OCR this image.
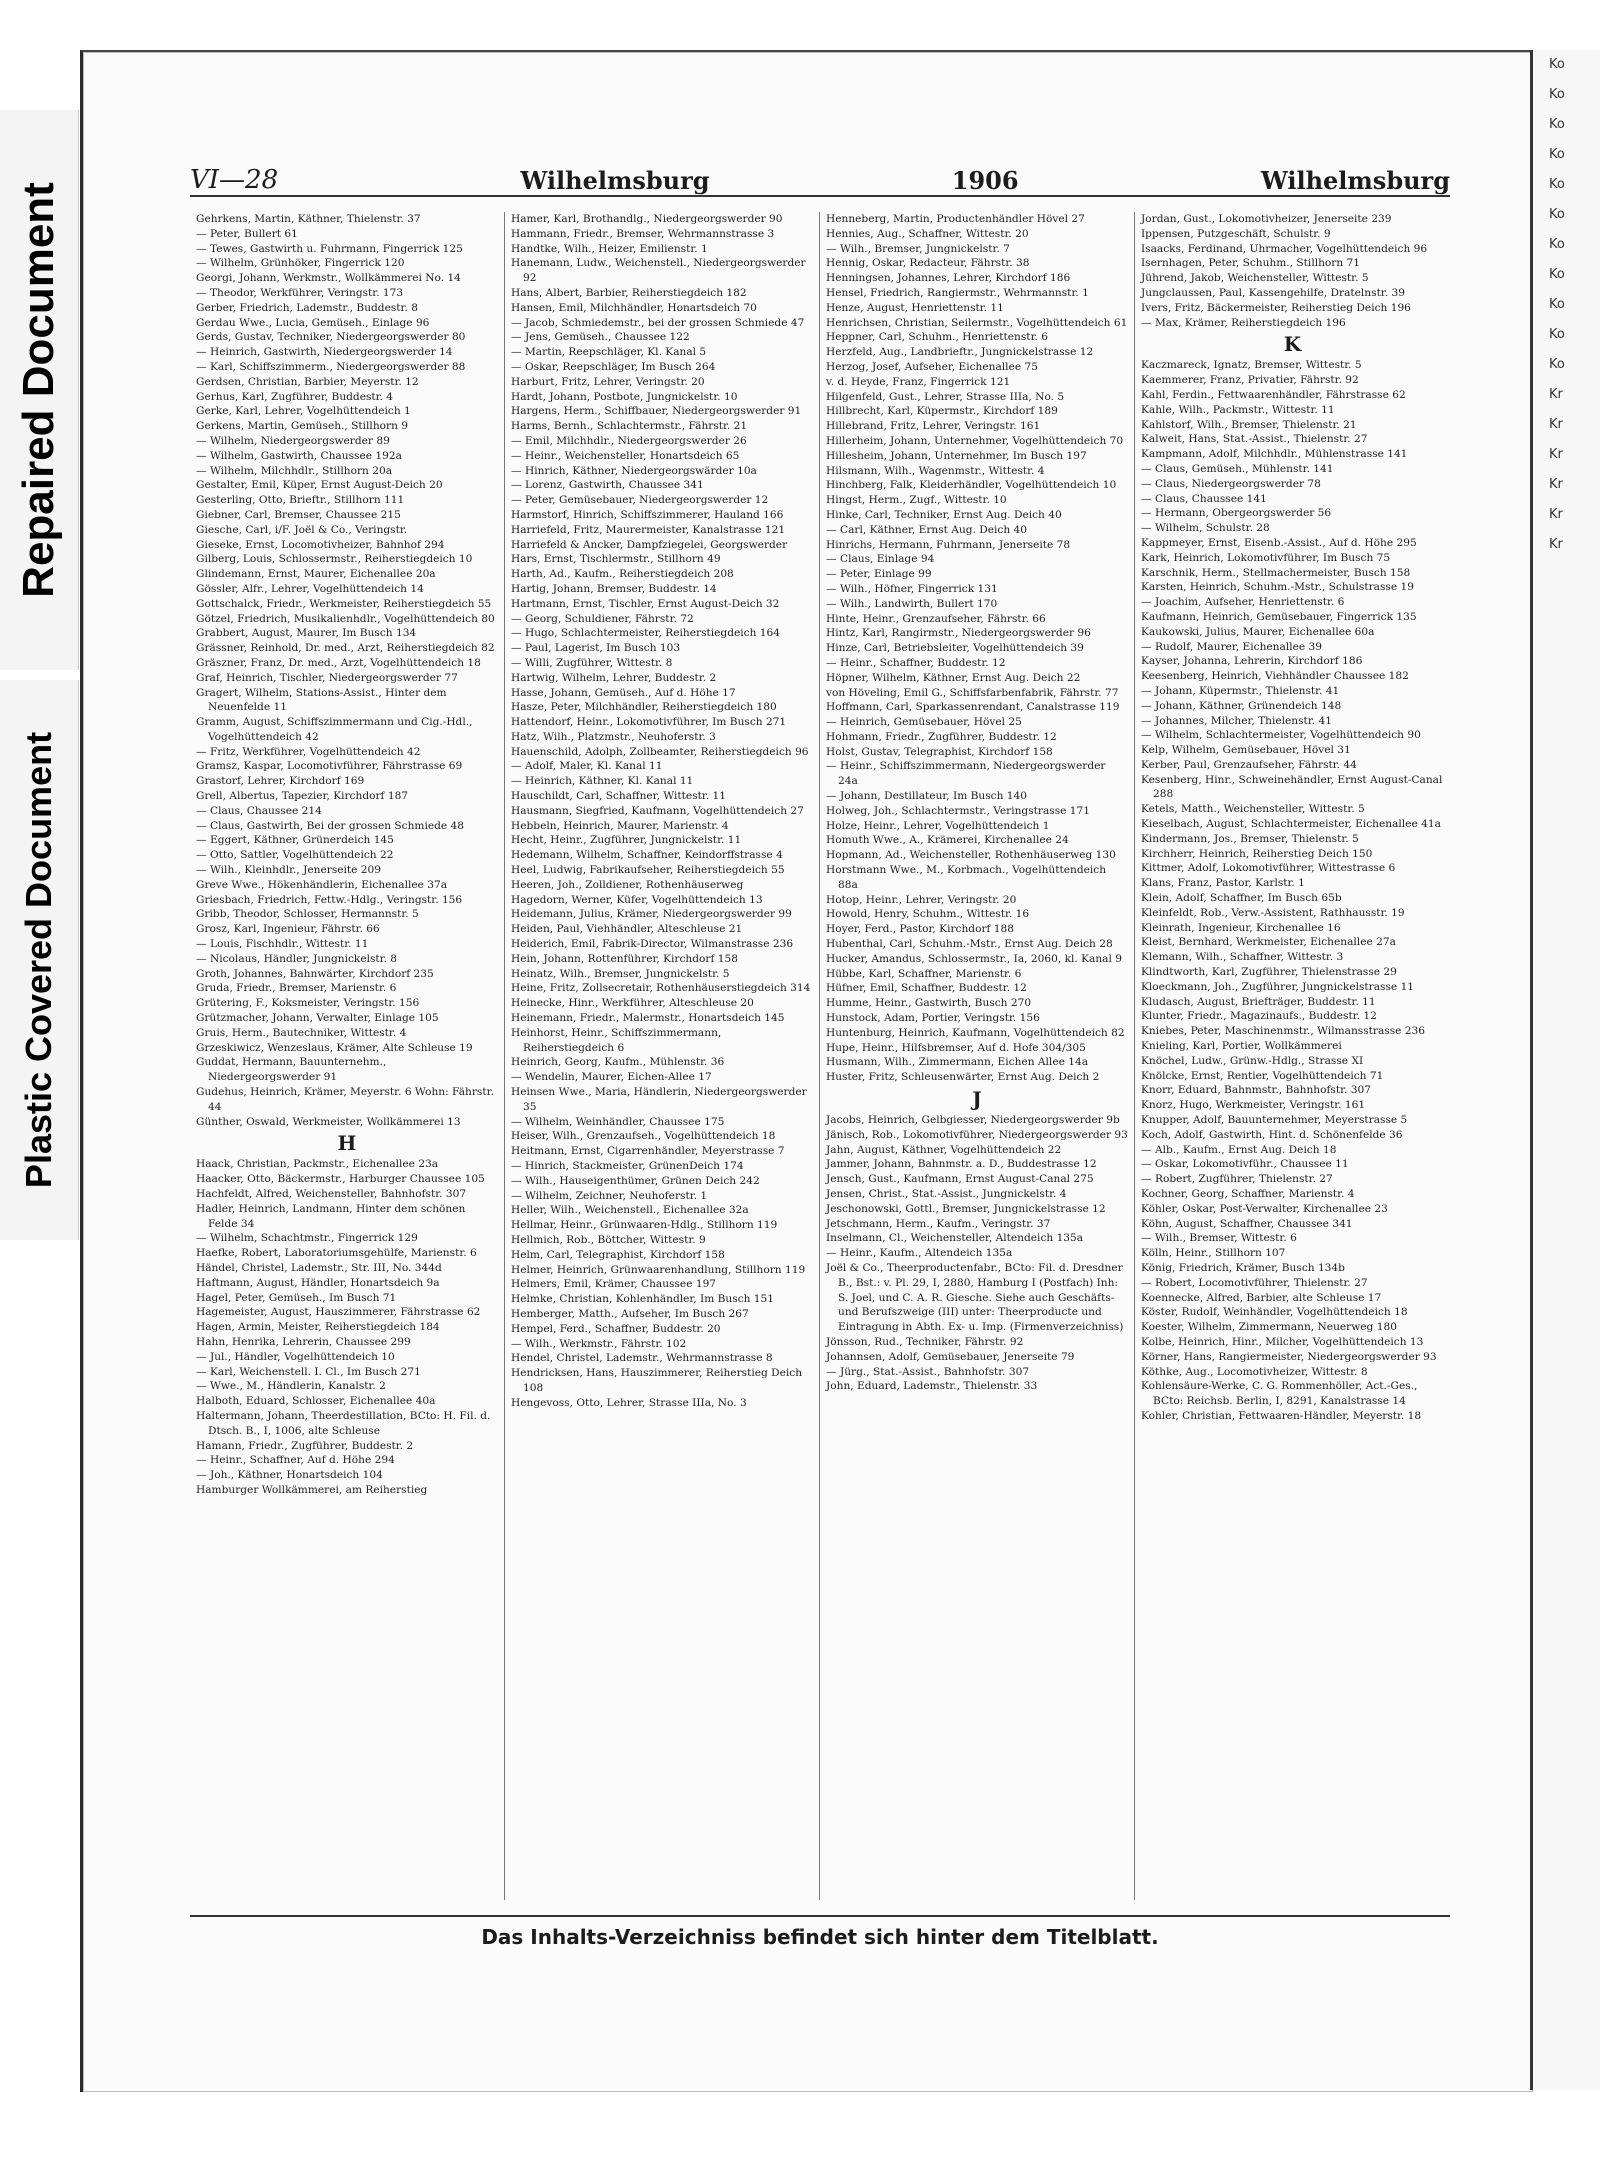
Repaired Document
Plastic Covered Document
Ko
Ko
Ko
Ko
Ko
Ko
Ko
Ko
Ko
Ko
Ko
Kr
Kr
Kr
Kr
Kr
Kr
VI—28	Wilhelmsburg	1906	Wilhelmsburg
Gehrkens, Martin, Käthner, Thielenstr. 37
— Peter, Bullert 61
— Tewes, Gastwirth u. Fuhrmann, Fingerrick 125
— Wilhelm, Grünhöker, Fingerrick 120
Georgi, Johann, Werkmstr., Wollkämmerei No. 14
— Theodor, Werkführer, Veringstr. 173
Gerber, Friedrich, Lademstr., Buddestr. 8
Gerdau Wwe., Lucia, Gemüseh., Einlage 96
Gerds, Gustav, Techniker, Niedergeorgswerder 80
— Heinrich, Gastwirth, Niedergeorgswerder 14
— Karl, Schiffszimmerm., Niedergeorgswerder 88
Gerdsen, Christian, Barbier, Meyerstr. 12
Gerhus, Karl, Zugführer, Buddestr. 4
Gerke, Karl, Lehrer, Vogelhüttendeich 1
Gerkens, Martin, Gemüseh., Stillhorn 9
— Wilhelm, Niedergeorgswerder 89
— Wilhelm, Gastwirth, Chaussee 192a
— Wilhelm, Milchhdlr., Stillhorn 20a
Gestalter, Emil, Küper, Ernst August-Deich 20
Gesterling, Otto, Brieftr., Stillhorn 111
Giebner, Carl, Bremser, Chaussee 215
Giesche, Carl, i/F. Joël & Co., Veringstr.
Gieseke, Ernst, Locomotivheizer, Bahnhof 294
Gilberg, Louis, Schlossermstr., Reiherstiegdeich 10
Glindemann, Ernst, Maurer, Eichenallee 20a
Gössler, Alfr., Lehrer, Vogelhüttendeich 14
Gottschalck, Friedr., Werkmeister, Reiherstiegdeich 55
Götzel, Friedrich, Musikalienhdlr., Vogelhüttendeich 80
Grabbert, August, Maurer, Im Busch 134
Grässner, Reinhold, Dr. med., Arzt, Reiherstiegdeich 82
Gräszner, Franz, Dr. med., Arzt, Vogelhüttendeich 18
Graf, Heinrich, Tischler, Niedergeorgswerder 77
Gragert, Wilhelm, Stations-Assist., Hinter dem Neuenfelde 11
Gramm, August, Schiffszimmermann und Cig.-Hdl., Vogelhüttendeich 42
— Fritz, Werkführer, Vogelhüttendeich 42
Gramsz, Kaspar, Locomotivführer, Fährstrasse 69
Grastorf, Lehrer, Kirchdorf 169
Grell, Albertus, Tapezier, Kirchdorf 187
— Claus, Chaussee 214
— Claus, Gastwirth, Bei der grossen Schmiede 48
— Eggert, Käthner, Grünerdeich 145
— Otto, Sattler, Vogelhüttendeich 22
— Wilh., Kleinhdlr., Jenerseite 209
Greve Wwe., Hökenhändlerin, Eichenallee 37a
Griesbach, Friedrich, Fettw.-Hdlg., Veringstr. 156
Gribb, Theodor, Schlosser, Hermannstr. 5
Grosz, Karl, Ingenieur, Fährstr. 66
— Louis, Fischhdlr., Wittestr. 11
— Nicolaus, Händler, Jungnickelstr. 8
Groth, Johannes, Bahnwärter, Kirchdorf 235
Gruda, Friedr., Bremser, Marienstr. 6
Grütering, F., Koksmeister, Veringstr. 156
Grützmacher, Johann, Verwalter, Einlage 105
Gruis, Herm., Bautechniker, Wittestr. 4
Grzeskiwicz, Wenzeslaus, Krämer, Alte Schleuse 19
Guddat, Hermann, Bauunternehm., Niedergeorgswerder 91
Gudehus, Heinrich, Krämer, Meyerstr. 6 Wohn: Fährstr. 44
Günther, Oswald, Werkmeister, Wollkämmerei 13
H
Haack, Christian, Packmstr., Eichenallee 23a
Haacker, Otto, Bäckermstr., Harburger Chaussee 105
Hachfeldt, Alfred, Weichensteller, Bahnhofstr. 307
Hadler, Heinrich, Landmann, Hinter dem schönen Felde 34
— Wilhelm, Schachtmstr., Fingerrick 129
Haefke, Robert, Laboratoriumsgehülfe, Marienstr. 6
Händel, Christel, Lademstr., Str. III, No. 344d
Haftmann, August, Händler, Honartsdeich 9a
Hagel, Peter, Gemüseh., Im Busch 71
Hagemeister, August, Hauszimmerer, Fährstrasse 62
Hagen, Armin, Meister, Reiherstiegdeich 184
Hahn, Henrika, Lehrerin, Chaussee 299
— Jul., Händler, Vogelhüttendeich 10
— Karl, Weichenstell. I. Cl., Im Busch 271
— Wwe., M., Händlerin, Kanalstr. 2
Halboth, Eduard, Schlosser, Eichenallee 40a
Haltermann, Johann, Theerdestillation, BCto: H. Fil. d. Dtsch. B., I, 1006, alte Schleuse
Hamann, Friedr., Zugführer, Buddestr. 2
— Heinr., Schaffner, Auf d. Höhe 294
— Joh., Käthner, Honartsdeich 104
Hamburger Wollkämmerei, am Reiherstieg
Hamer, Karl, Brothandlg., Niedergeorgswerder 90
Hammann, Friedr., Bremser, Wehrmannstrasse 3
Handtke, Wilh., Heizer, Emilienstr. 1
Hanemann, Ludw., Weichenstell., Niedergeorgswerder 92
Hans, Albert, Barbier, Reiherstiegdeich 182
Hansen, Emil, Milchhändler, Honartsdeich 70
— Jacob, Schmiedemstr., bei der grossen Schmiede 47
— Jens, Gemüseh., Chaussee 122
— Martin, Reepschläger, Kl. Kanal 5
— Oskar, Reepschläger, Im Busch 264
Harburt, Fritz, Lehrer, Veringstr. 20
Hardt, Johann, Postbote, Jungnickelstr. 10
Hargens, Herm., Schiffbauer, Niedergeorgswerder 91
Harms, Bernh., Schlachtermstr., Fährstr. 21
— Emil, Milchhdlr., Niedergeorgswerder 26
— Heinr., Weichensteller, Honartsdeich 65
— Hinrich, Käthner, Niedergeorgswärder 10a
— Lorenz, Gastwirth, Chaussee 341
— Peter, Gemüsebauer, Niedergeorgswerder 12
Harmstorf, Hinrich, Schiffszimmerer, Hauland 166
Harriefeld, Fritz, Maurermeister, Kanalstrasse 121
Harriefeld & Ancker, Dampfziegelei, Georgswerder
Hars, Ernst, Tischlermstr., Stillhorn 49
Harth, Ad., Kaufm., Reiherstiegdeich 208
Hartig, Johann, Bremser, Buddestr. 14
Hartmann, Ernst, Tischler, Ernst August-Deich 32
— Georg, Schuldiener, Fährstr. 72
— Hugo, Schlachtermeister, Reiherstiegdeich 164
— Paul, Lagerist, Im Busch 103
— Willi, Zugführer, Wittestr. 8
Hartwig, Wilhelm, Lehrer, Buddestr. 2
Hasse, Johann, Gemüseh., Auf d. Höhe 17
Hasze, Peter, Milchhändler, Reiherstiegdeich 180
Hattendorf, Heinr., Lokomotivführer, Im Busch 271
Hatz, Wilh., Platzmstr., Neuhoferstr. 3
Hauenschild, Adolph, Zollbeamter, Reiherstiegdeich 96
— Adolf, Maler, Kl. Kanal 11
— Heinrich, Käthner, Kl. Kanal 11
Hauschildt, Carl, Schaffner, Wittestr. 11
Hausmann, Siegfried, Kaufmann, Vogelhüttendeich 27
Hebbeln, Heinrich, Maurer, Marienstr. 4
Hecht, Heinr., Zugführer, Jungnickelstr. 11
Hedemann, Wilhelm, Schaffner, Keindorffstrasse 4
Heel, Ludwig, Fabrikaufseher, Reiherstiegdeich 55
Heeren, Joh., Zolldiener, Rothenhäuserweg
Hagedorn, Werner, Küfer, Vogelhüttendeich 13
Heidemann, Julius, Krämer, Niedergeorgswerder 99
Heiden, Paul, Viehhändler, Alteschleuse 21
Heiderich, Emil, Fabrik-Director, Wilmanstrasse 236
Hein, Johann, Rottenführer, Kirchdorf 158
Heinatz, Wilh., Bremser, Jungnickelstr. 5
Heine, Fritz, Zollsecretair, Rothenhäuserstiegdeich 314
Heinecke, Hinr., Werkführer, Alteschleuse 20
Heinemann, Friedr., Malermstr., Honartsdeich 145
Heinhorst, Heinr., Schiffszimmermann, Reiherstiegdeich 6
Heinrich, Georg, Kaufm., Mühlenstr. 36
— Wendelin, Maurer, Eichen-Allee 17
Heinsen Wwe., Maria, Händlerin, Niedergeorgswerder 35
— Wilhelm, Weinhändler, Chaussee 175
Heiser, Wilh., Grenzaufseh., Vogelhüttendeich 18
Heitmann, Ernst, Cigarrenhändler, Meyerstrasse 7
— Hinrich, Stackmeister, GrünenDeich 174
— Wilh., Hauseigenthümer, Grünen Deich 242
— Wilhelm, Zeichner, Neuhoferstr. 1
Heller, Wilh., Weichenstell., Eichenallee 32a
Hellmar, Heinr., Grünwaaren-Hdlg., Stillhorn 119
Hellmich, Rob., Böttcher, Wittestr. 9
Helm, Carl, Telegraphist, Kirchdorf 158
Helmer, Heinrich, Grünwaarenhandlung, Stillhorn 119
Helmers, Emil, Krämer, Chaussee 197
Helmke, Christian, Kohlenhändler, Im Busch 151
Hemberger, Matth., Aufseher, Im Busch 267
Hempel, Ferd., Schaffner, Buddestr. 20
— Wilh., Werkmstr., Fährstr. 102
Hendel, Christel, Lademstr., Wehrmannstrasse 8
Hendricksen, Hans, Hauszimmerer, Reiherstieg Deich 108
Hengevoss, Otto, Lehrer, Strasse IIIa, No. 3
Henneberg, Martin, Productenhändler Hövel 27
Hennies, Aug., Schaffner, Wittestr. 20
— Wilh., Bremser, Jungnickelstr. 7
Hennig, Oskar, Redacteur, Fährstr. 38
Henningsen, Johannes, Lehrer, Kirchdorf 186
Hensel, Friedrich, Rangiermstr., Wehrmannstr. 1
Henze, August, Henriettenstr. 11
Henrichsen, Christian, Seilermstr., Vogelhüttendeich 61
Heppner, Carl, Schuhm., Henriettenstr. 6
Herzfeld, Aug., Landbrieftr., Jungnickelstrasse 12
Herzog, Josef, Aufseher, Eichenallee 75
v. d. Heyde, Franz, Fingerrick 121
Hilgenfeld, Gust., Lehrer, Strasse IIIa, No. 5
Hillbrecht, Karl, Küpermstr., Kirchdorf 189
Hillebrand, Fritz, Lehrer, Veringstr. 161
Hillerheim, Johann, Unternehmer, Vogelhüttendeich 70
Hillesheim, Johann, Unternehmer, Im Busch 197
Hilsmann, Wilh., Wagenmstr., Wittestr. 4
Hinchberg, Falk, Kleiderhändler, Vogelhüttendeich 10
Hingst, Herm., Zugf., Wittestr. 10
Hinke, Carl, Techniker, Ernst Aug. Deich 40
— Carl, Käthner, Ernst Aug. Deich 40
Hinrichs, Hermann, Fuhrmann, Jenerseite 78
— Claus, Einlage 94
— Peter, Einlage 99
— Wilh., Höfner, Fingerrick 131
— Wilh., Landwirth, Bullert 170
Hinte, Heinr., Grenzaufseher, Fährstr. 66
Hintz, Karl, Rangirmstr., Niedergeorgswerder 96
Hinze, Carl, Betriebsleiter, Vogelhüttendeich 39
— Heinr., Schaffner, Buddestr. 12
Höpner, Wilhelm, Käthner, Ernst Aug. Deich 22
von Höveling, Emil G., Schiffsfarbenfabrik, Fährstr. 77
Hoffmann, Carl, Sparkassenrendant, Canalstrasse 119
— Heinrich, Gemüsebauer, Hövel 25
Hohmann, Friedr., Zugführer, Buddestr. 12
Holst, Gustav, Telegraphist, Kirchdorf 158
— Heinr., Schiffszimmermann, Niedergeorgswerder 24a
— Johann, Destillateur, Im Busch 140
Holweg, Joh., Schlachtermstr., Veringstrasse 171
Holze, Heinr., Lehrer, Vogelhüttendeich 1
Homuth Wwe., A., Krämerei, Kirchenallee 24
Hopmann, Ad., Weichensteller, Rothenhäuserweg 130
Horstmann Wwe., M., Korbmach., Vogelhüttendeich 88a
Hotop, Heinr., Lehrer, Veringstr. 20
Howold, Henry, Schuhm., Wittestr. 16
Hoyer, Ferd., Pastor, Kirchdorf 188
Hubenthal, Carl, Schuhm.-Mstr., Ernst Aug. Deich 28
Hucker, Amandus, Schlossermstr., Ia, 2060, kl. Kanal 9
Hübbe, Karl, Schaffner, Marienstr. 6
Hüfner, Emil, Schaffner, Buddestr. 12
Humme, Heinr., Gastwirth, Busch 270
Hunstock, Adam, Portier, Veringstr. 156
Huntenburg, Heinrich, Kaufmann, Vogelhüttendeich 82
Hupe, Heinr., Hilfsbremser, Auf d. Hofe 304/305
Husmann, Wilh., Zimmermann, Eichen Allee 14a
Huster, Fritz, Schleusenwärter, Ernst Aug. Deich 2
J
Jacobs, Heinrich, Gelbgiesser, Niedergeorgswerder 9b
Jänisch, Rob., Lokomotivführer, Niedergeorgswerder 93
Jahn, August, Käthner, Vogelhüttendeich 22
Jammer, Johann, Bahnmstr. a. D., Buddestrasse 12
Jensch, Gust., Kaufmann, Ernst August-Canal 275
Jensen, Christ., Stat.-Assist., Jungnickelstr. 4
Jeschonowski, Gottl., Bremser, Jungnickelstrasse 12
Jetschmann, Herm., Kaufm., Veringstr. 37
Inselmann, Cl., Weichensteller, Altendeich 135a
— Heinr., Kaufm., Altendeich 135a
Joël & Co., Theerproductenfabr., BCto: Fil. d. Dresdner B., Bst.: v. Pl. 29, I, 2880, Hamburg I (Postfach) Inh: S. Joel, und C. A. R. Giesche. Siehe auch Geschäfts- und Berufszweige (III) unter: Theerproducte und Eintragung in Abth. Ex- u. Imp. (Firmenverzeichniss)
Jönsson, Rud., Techniker, Fährstr. 92
Johannsen, Adolf, Gemüsebauer, Jenerseite 79
— Jürg., Stat.-Assist., Bahnhofstr. 307
John, Eduard, Lademstr., Thielenstr. 33
Jordan, Gust., Lokomotivheizer, Jenerseite 239
Ippensen, Putzgeschäft, Schulstr. 9
Isaacks, Ferdinand, Uhrmacher, Vogelhüttendeich 96
Isernhagen, Peter, Schuhm., Stillhorn 71
Jührend, Jakob, Weichensteller, Wittestr. 5
Jungclaussen, Paul, Kassengehilfe, Dratelnstr. 39
Ivers, Fritz, Bäckermeister, Reiherstieg Deich 196
— Max, Krämer, Reiherstiegdeich 196
K
Kaczmareck, Ignatz, Bremser, Wittestr. 5
Kaemmerer, Franz, Privatier, Fährstr. 92
Kahl, Ferdin., Fettwaarenhändler, Fährstrasse 62
Kahle, Wilh., Packmstr., Wittestr. 11
Kahlstorf, Wilh., Bremser, Thielenstr. 21
Kalweit, Hans, Stat.-Assist., Thielenstr. 27
Kampmann, Adolf, Milchhdlr., Mühlenstrasse 141
— Claus, Gemüseh., Mühlenstr. 141
— Claus, Niedergeorgswerder 78
— Claus, Chaussee 141
— Hermann, Obergeorgswerder 56
— Wilhelm, Schulstr. 28
Kappmeyer, Ernst, Eisenb.-Assist., Auf d. Höhe 295
Kark, Heinrich, Lokomotivführer, Im Busch 75
Karschnik, Herm., Stellmachermeister, Busch 158
Karsten, Heinrich, Schuhm.-Mstr., Schulstrasse 19
— Joachim, Aufseher, Henriettenstr. 6
Kaufmann, Heinrich, Gemüsebauer, Fingerrick 135
Kaukowski, Julius, Maurer, Eichenallee 60a
— Rudolf, Maurer, Eichenallee 39
Kayser, Johanna, Lehrerin, Kirchdorf 186
Keesenberg, Heinrich, Viehhändler Chaussee 182
— Johann, Küpermstr., Thielenstr. 41
— Johann, Käthner, Grünendeich 148
— Johannes, Milcher, Thielenstr. 41
— Wilhelm, Schlachtermeister, Vogelhüttendeich 90
Kelp, Wilhelm, Gemüsebauer, Hövel 31
Kerber, Paul, Grenzaufseher, Fährstr. 44
Kesenberg, Hinr., Schweinehändler, Ernst August-Canal 288
Ketels, Matth., Weichensteller, Wittestr. 5
Kieselbach, August, Schlachtermeister, Eichenallee 41a
Kindermann, Jos., Bremser, Thielenstr. 5
Kirchherr, Heinrich, Reiherstieg Deich 150
Kittmer, Adolf, Lokomotivführer, Wittestrasse 6
Klans, Franz, Pastor, Karlstr. 1
Klein, Adolf, Schaffner, Im Busch 65b
Kleinfeldt, Rob., Verw.-Assistent, Rathhausstr. 19
Kleinrath, Ingenieur, Kirchenallee 16
Kleist, Bernhard, Werkmeister, Eichenallee 27a
Klemann, Wilh., Schaffner, Wittestr. 3
Klindtworth, Karl, Zugführer, Thielenstrasse 29
Kloeckmann, Joh., Zugführer, Jungnickelstrasse 11
Kludasch, August, Briefträger, Buddestr. 11
Klunter, Friedr., Magazinaufs., Buddestr. 12
Kniebes, Peter, Maschinenmstr., Wilmansstrasse 236
Knieling, Karl, Portier, Wollkämmerei
Knöchel, Ludw., Grünw.-Hdlg., Strasse XI
Knölcke, Ernst, Rentier, Vogelhüttendeich 71
Knorr, Eduard, Bahnmstr., Bahnhofstr. 307
Knorz, Hugo, Werkmeister, Veringstr. 161
Knupper, Adolf, Bauunternehmer, Meyerstrasse 5
Koch, Adolf, Gastwirth, Hint. d. Schönenfelde 36
— Alb., Kaufm., Ernst Aug. Deich 18
— Oskar, Lokomotivführ., Chaussee 11
— Robert, Zugführer, Thielenstr. 27
Kochner, Georg, Schaffner, Marienstr. 4
Köhler, Oskar, Post-Verwalter, Kirchenallee 23
Köhn, August, Schaffner, Chaussee 341
— Wilh., Bremser, Wittestr. 6
Kölln, Heinr., Stillhorn 107
König, Friedrich, Krämer, Busch 134b
— Robert, Locomotivführer, Thielenstr. 27
Koennecke, Alfred, Barbier, alte Schleuse 17
Köster, Rudolf, Weinhändler, Vogelhüttendeich 18
Koester, Wilhelm, Zimmermann, Neuerweg 180
Kolbe, Heinrich, Hinr., Milcher, Vogelhüttendeich 13
Körner, Hans, Rangiermeister, Niedergeorgswerder 93
Köthke, Aug., Locomotivheizer, Wittestr. 8
Kohlensäure-Werke, C. G. Rommenhöller, Act.-Ges., BCto: Reichsb. Berlin, I, 8291, Kanalstrasse 14
Kohler, Christian, Fettwaaren-Händler, Meyerstr. 18
Das Inhalts-Verzeichniss befindet sich hinter dem Titelblatt.
